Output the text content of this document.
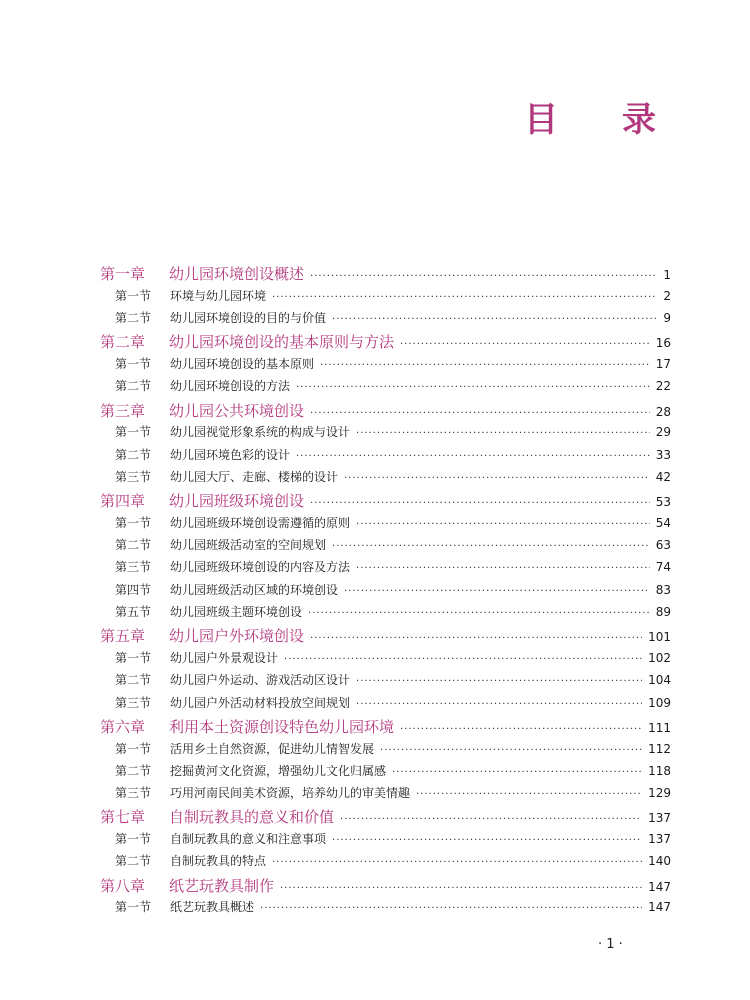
目 录
第一章	幼儿园环境创设概述 ·····	1
第一节	环境与幼儿园环境 ·····	2
第二节	幼儿园环境创设的目的与价值 ·····	9
第二章	幼儿园环境创设的基本原则与方法 ·····	16
第一节	幼儿园环境创设的基本原则 ·····	17
第二节	幼儿园环境创设的方法 ·····	22
第三章	幼儿园公共环境创设 ·····	28
第一节	幼儿园视觉形象系统的构成与设计 ·····	29
第二节	幼儿园环境色彩的设计 ·····	33
第三节	幼儿园大厅、走廊、楼梯的设计 ·····	42
第四章	幼儿园班级环境创设 ·····	53
第一节	幼儿园班级环境创设需遵循的原则 ·····	54
第二节	幼儿园班级活动室的空间规划 ·····	63
第三节	幼儿园班级环境创设的内容及方法 ·····	74
第四节	幼儿园班级活动区域的环境创设 ·····	83
第五节	幼儿园班级主题环境创设 ·····	89
第五章	幼儿园户外环境创设 ·····	101
第一节	幼儿园户外景观设计 ·····	102
第二节	幼儿园户外运动、游戏活动区设计 ·····	104
第三节	幼儿园户外活动材料投放空间规划 ·····	109
第六章	利用本土资源创设特色幼儿园环境 ·····	111
第一节	活用乡土自然资源，促进幼儿情智发展 ·····	112
第二节	挖掘黄河文化资源，增强幼儿文化归属感 ·····	118
第三节	巧用河南民间美术资源，培养幼儿的审美情趣 ·····	129
第七章	自制玩教具的意义和价值 ·····	137
第一节	自制玩教具的意义和注意事项 ·····	137
第二节	自制玩教具的特点 ·····	140
第八章	纸艺玩教具制作 ·····	147
第一节	纸艺玩教具概述 ·····	147
· 1 ·
